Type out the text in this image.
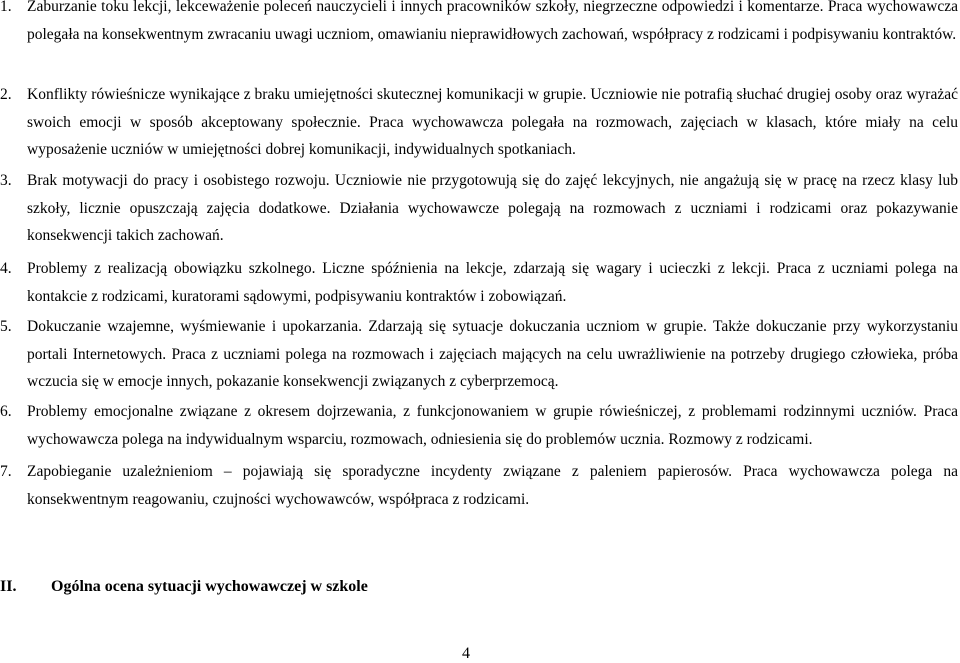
1. Zaburzanie toku lekcji, lekceważenie poleceń nauczycieli i innych pracowników szkoły, niegrzeczne odpowiedzi i komentarze. Praca wychowawcza polegała na konsekwentnym zwracaniu uwagi uczniom, omawianiu nieprawidłowych zachowań, współpracy z rodzicami i podpisywaniu kontraktów.
2. Konflikty rówieśnicze wynikające z braku umiejętności skutecznej komunikacji w grupie. Uczniowie nie potrafią słuchać drugiej osoby oraz wyrażać swoich emocji w sposób akceptowany społecznie. Praca wychowawcza polegała na rozmowach, zajęciach w klasach, które miały na celu wyposażenie uczniów w umiejętności dobrej komunikacji, indywidualnych spotkaniach.
3. Brak motywacji do pracy i osobistego rozwoju. Uczniowie nie przygotowują się do zajęć lekcyjnych, nie angażują się w pracę na rzecz klasy lub szkoły, licznie opuszczają zajęcia dodatkowe. Działania wychowawcze polegają na rozmowach z uczniami i rodzicami oraz pokazywanie konsekwencji takich zachowań.
4. Problemy z realizacją obowiązku szkolnego. Liczne spóźnienia na lekcje, zdarzają się wagary i ucieczki z lekcji. Praca z uczniami polega na kontakcie z rodzicami, kuratorami sądowymi, podpisywaniu kontraktów i zobowiązań.
5. Dokuczanie wzajemne, wyśmiewanie i upokarzania. Zdarzają się sytuacje dokuczania uczniom w grupie. Także dokuczanie przy wykorzystaniu portali Internetowych. Praca z uczniami polega na rozmowach i zajęciach mających na celu uwrażliwienie na potrzeby drugiego człowieka, próba wczucia się w emocje innych, pokazanie konsekwencji związanych z cyberprzemocą.
6. Problemy emocjonalne związane z okresem dojrzewania, z funkcjonowaniem w grupie rówieśniczej, z problemami rodzinnymi uczniów. Praca wychowawcza polega na indywidualnym wsparciu, rozmowach, odniesienia się do problemów ucznia. Rozmowy z rodzicami.
7. Zapobieganie uzależnieniom – pojawiają się sporadyczne incydenty związane z paleniem papierosów. Praca wychowawcza polega na konsekwentnym reagowaniu, czujności wychowawców, współpraca z rodzicami.
II. Ogólna ocena sytuacji wychowawczej w szkole
4
